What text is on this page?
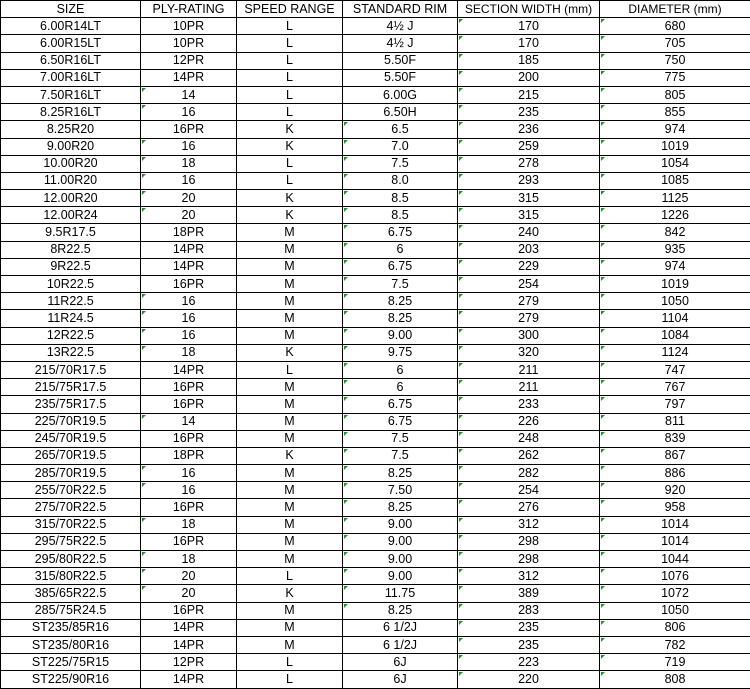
SIZE	PLY-RATING	SPEED RANGE	STANDARD RIM	SECTION WIDTH (mm)	DIAMETER (mm)
6.00R14LT	10PR	L	4½ J	170	680
6.00R15LT	10PR	L	4½ J	170	705
6.50R16LT	12PR	L	5.50F	185	750
7.00R16LT	14PR	L	5.50F	200	775
7.50R16LT	14	L	6.00G	215	805
8.25R16LT	16	L	6.50H	235	855
8.25R20	16PR	K	6.5	236	974
9.00R20	16	K	7.0	259	1019
10.00R20	18	L	7.5	278	1054
11.00R20	16	L	8.0	293	1085
12.00R20	20	K	8.5	315	1125
12.00R24	20	K	8.5	315	1226
9.5R17.5	18PR	M	6.75	240	842
8R22.5	14PR	M	6	203	935
9R22.5	14PR	M	6.75	229	974
10R22.5	16PR	M	7.5	254	1019
11R22.5	16	M	8.25	279	1050
11R24.5	16	M	8.25	279	1104
12R22.5	16	M	9.00	300	1084
13R22.5	18	K	9.75	320	1124
215/70R17.5	14PR	L	6	211	747
215/75R17.5	16PR	M	6	211	767
235/75R17.5	16PR	M	6.75	233	797
225/70R19.5	14	M	6.75	226	811
245/70R19.5	16PR	M	7.5	248	839
265/70R19.5	18PR	K	7.5	262	867
285/70R19.5	16	M	8.25	282	886
255/70R22.5	16	M	7.50	254	920
275/70R22.5	16PR	M	8.25	276	958
315/70R22.5	18	M	9.00	312	1014
295/75R22.5	16PR	M	9.00	298	1014
295/80R22.5	18	M	9.00	298	1044
315/80R22.5	20	L	9.00	312	1076
385/65R22.5	20	K	11.75	389	1072
285/75R24.5	16PR	M	8.25	283	1050
ST235/85R16	14PR	M	6 1/2J	235	806
ST235/80R16	14PR	M	6 1/2J	235	782
ST225/75R15	12PR	L	6J	223	719
ST225/90R16	14PR	L	6J	220	808
